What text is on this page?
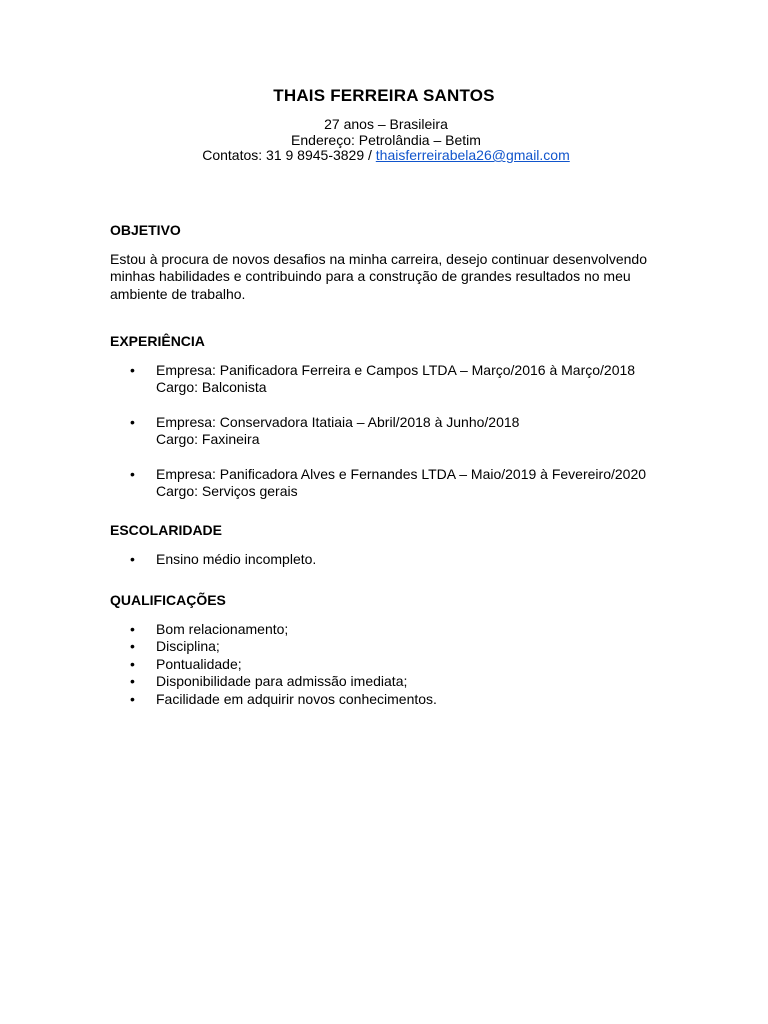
THAIS FERREIRA SANTOS
27 anos – Brasileira
Endereço: Petrolândia – Betim
Contatos: 31 9 8945-3829 / thaisferreirabela26@gmail.com
OBJETIVO

Estou à procura de novos desafios na minha carreira, desejo continuar desenvolvendo
minhas habilidades e contribuindo para a construção de grandes resultados no meu
ambiente de trabalho.

EXPERIÊNCIA
• Empresa: Panificadora Ferreira e Campos LTDA – Março/2016 à Março/2018
Cargo: Balconista
• Empresa: Conservadora Itatiaia – Abril/2018 à Junho/2018
Cargo: Faxineira
• Empresa: Panificadora Alves e Fernandes LTDA – Maio/2019 à Fevereiro/2020
Cargo: Serviços gerais
ESCOLARIDADE
• Ensino médio incompleto.
QUALIFICAÇÕES
• Bom relacionamento;
• Disciplina;
• Pontualidade;
• Disponibilidade para admissão imediata;
• Facilidade em adquirir novos conhecimentos.
